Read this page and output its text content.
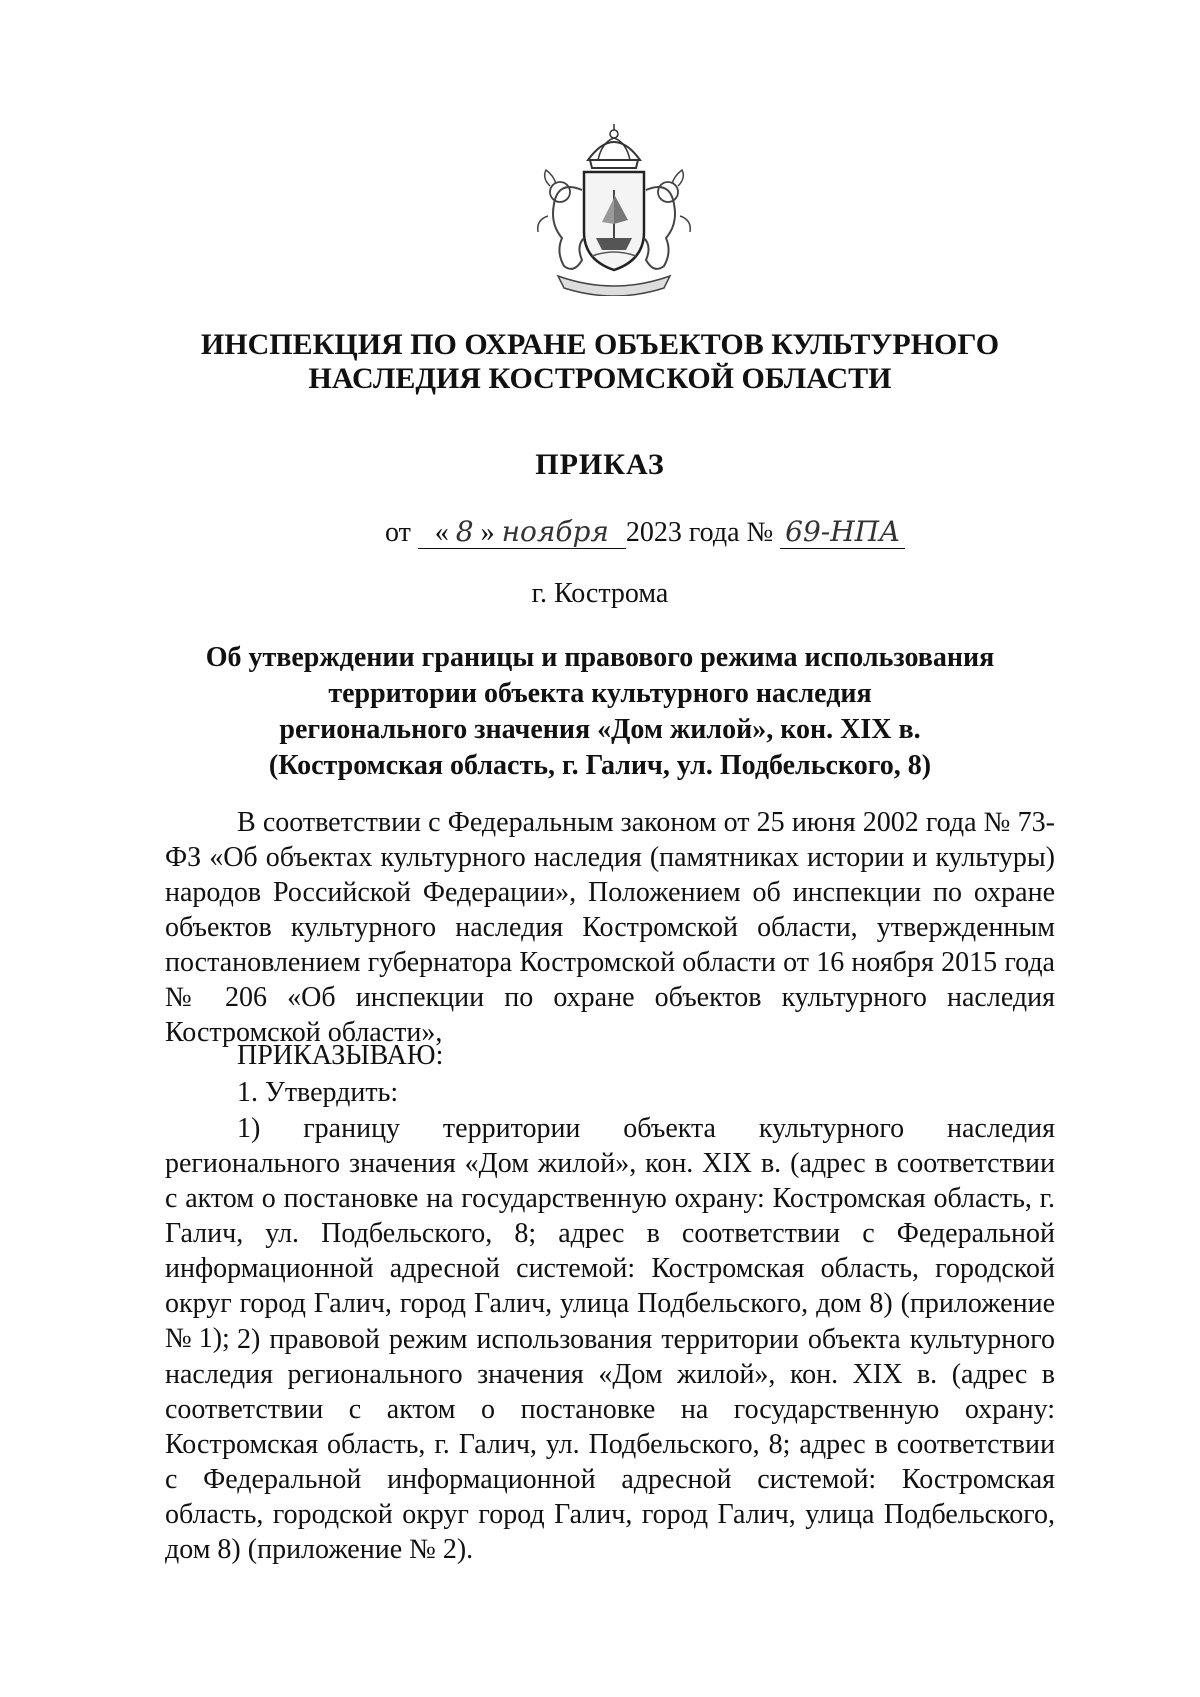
ИНСПЕКЦИЯ ПО ОХРАНЕ ОБЪЕКТОВ КУЛЬТУРНОГО
НАСЛЕДИЯ КОСТРОМСКОЙ ОБЛАСТИ
ПРИКАЗ
от « 8 » ноября 2023 года № 69-НПА
г. Кострома
Об утверждении границы и правового режима использования
территории объекта культурного наследия
регионального значения «Дом жилой», кон. XIX в.
(Костромская область, г. Галич, ул. Подбельского, 8)

В соответствии с Федеральным законом от 25 июня 2002 года № 73-ФЗ «Об объектах культурного наследия (памятниках истории и культуры) народов Российской Федерации», Положением об инспекции по охране объектов культурного наследия Костромской области, утвержденным постановлением губернатора Костромской области от 16 ноября 2015 года № 206 «Об инспекции по охране объектов культурного наследия Костромской области»,

ПРИКАЗЫВАЮ:

1. Утвердить:

1) границу территории объекта культурного наследия регионального значения «Дом жилой», кон. XIX в. (адрес в соответствии с актом о постановке на государственную охрану: Костромская область, г. Галич, ул. Подбельского, 8; адрес в соответствии с Федеральной информационной адресной системой: Костромская область, городской округ город Галич, город Галич, улица Подбельского, дом 8) (приложение № 1); 2) правовой режим использования территории объекта культурного наследия регионального значения «Дом жилой», кон. XIX в. (адрес в соответствии с актом о постановке на государственную охрану: Костромская область, г. Галич, ул. Подбельского, 8; адрес в соответствии с Федеральной информационной адресной системой: Костромская область, городской округ город Галич, город Галич, улица Подбельского, дом 8) (приложение № 2).
